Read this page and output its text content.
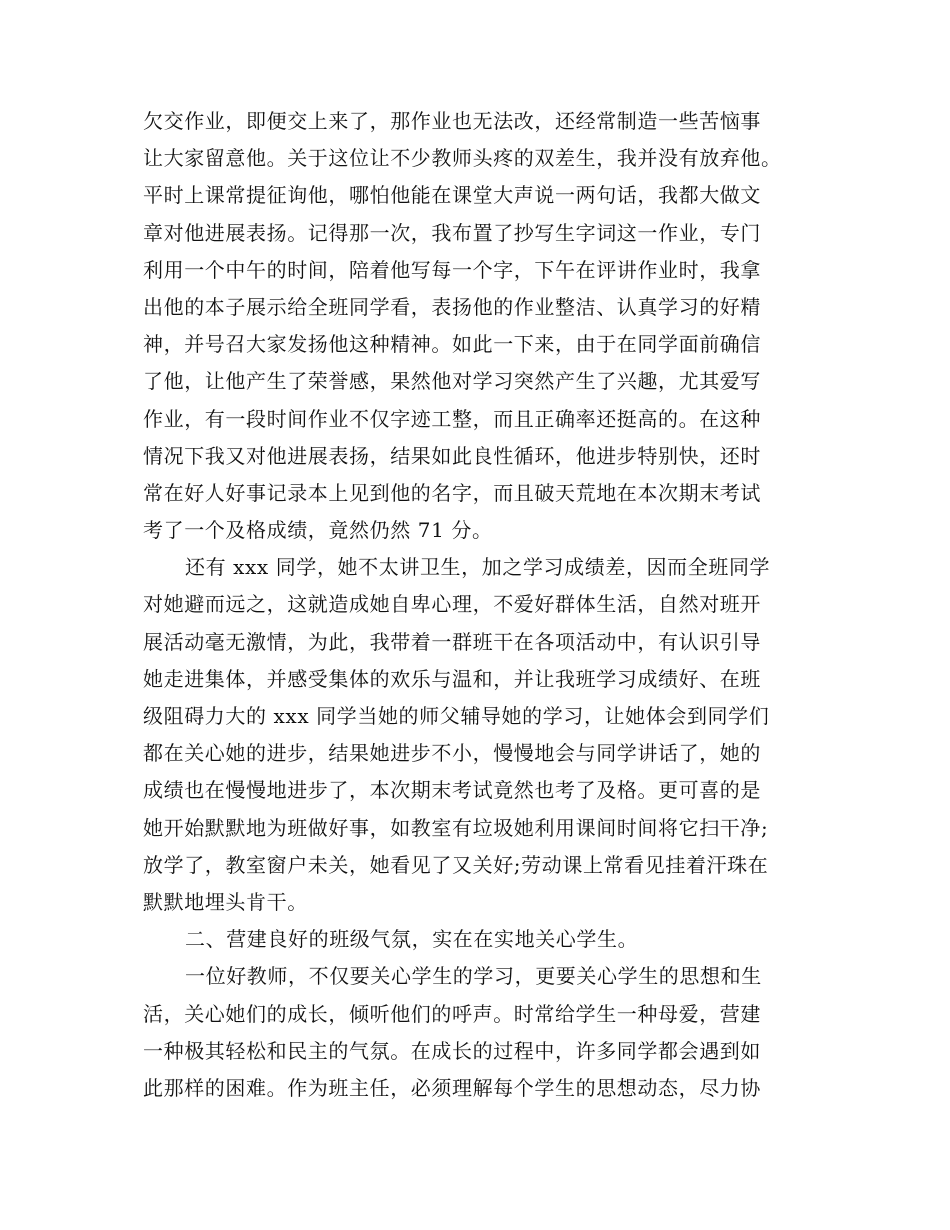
欠交作业，即便交上来了，那作业也无法改，还经常制造一些苦恼事
让大家留意他。关于这位让不少教师头疼的双差生，我并没有放弃他。
平时上课常提征询他，哪怕他能在课堂大声说一两句话，我都大做文
章对他进展表扬。记得那一次，我布置了抄写生字词这一作业，专门
利用一个中午的时间，陪着他写每一个字，下午在评讲作业时，我拿
出他的本子展示给全班同学看，表扬他的作业整洁、认真学习的好精
神，并号召大家发扬他这种精神。如此一下来，由于在同学面前确信
了他，让他产生了荣誉感，果然他对学习突然产生了兴趣，尤其爱写
作业，有一段时间作业不仅字迹工整，而且正确率还挺高的。在这种
情况下我又对他进展表扬，结果如此良性循环，他进步特别快，还时
常在好人好事记录本上见到他的名字，而且破天荒地在本次期末考试
考了一个及格成绩，竟然仍然 71 分。
还有 xxx 同学，她不太讲卫生，加之学习成绩差，因而全班同学
对她避而远之，这就造成她自卑心理，不爱好群体生活，自然对班开
展活动毫无激情，为此，我带着一群班干在各项活动中，有认识引导
她走进集体，并感受集体的欢乐与温和，并让我班学习成绩好、在班
级阻碍力大的 xxx 同学当她的师父辅导她的学习，让她体会到同学们
都在关心她的进步，结果她进步不小，慢慢地会与同学讲话了，她的
成绩也在慢慢地进步了，本次期末考试竟然也考了及格。更可喜的是
她开始默默地为班做好事，如教室有垃圾她利用课间时间将它扫干净;
放学了，教室窗户未关，她看见了又关好;劳动课上常看见挂着汗珠在
默默地埋头肯干。
二、营建良好的班级气氛，实在在实地关心学生。
一位好教师，不仅要关心学生的学习，更要关心学生的思想和生
活，关心她们的成长，倾听他们的呼声。时常给学生一种母爱，营建
一种极其轻松和民主的气氛。在成长的过程中，许多同学都会遇到如
此那样的困难。作为班主任，必须理解每个学生的思想动态，尽力协
